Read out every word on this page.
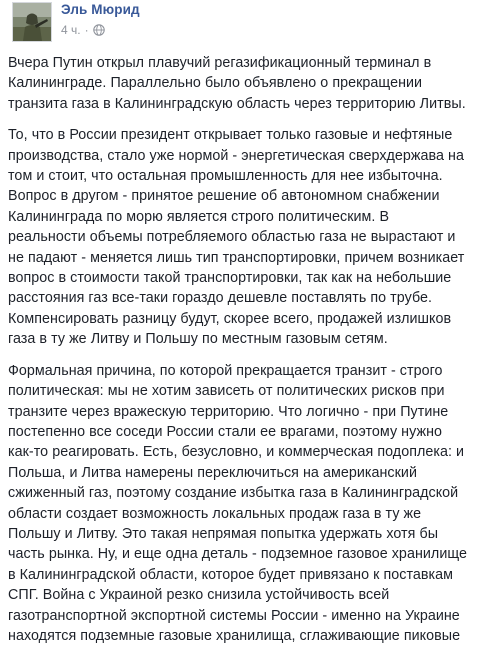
Эль Мюрид
4 ч. ·

Вчера Путин открыл плавучий регазификационный терминал в Калининграде. Параллельно было объявлено о прекращении транзита газа в Калининградскую область через территорию Литвы.

То, что в России президент открывает только газовые и нефтяные производства, стало уже нормой - энергетическая сверхдержава на том и стоит, что остальная промышленность для нее избыточна. Вопрос в другом - принятое решение об автономном снабжении Калининграда по морю является строго политическим. В реальности объемы потребляемого областью газа не вырастают и не падают - меняется лишь тип транспортировки, причем возникает вопрос в стоимости такой транспортировки, так как на небольшие расстояния газ все-таки гораздо дешевле поставлять по трубе. Компенсировать разницу будут, скорее всего, продажей излишков газа в ту же Литву и Польшу по местным газовым сетям.

Формальная причина, по которой прекращается транзит - строго политическая: мы не хотим зависеть от политических рисков при транзите через вражескую территорию. Что логично - при Путине постепенно все соседи России стали ее врагами, поэтому нужно как-то реагировать. Есть, безусловно, и коммерческая подоплека: и Польша, и Литва намерены переключиться на американский сжиженный газ, поэтому создание избытка газа в Калининградской области создает возможность локальных продаж газа в ту же Польшу и Литву. Это такая непрямая попытка удержать хотя бы часть рынка. Ну, и еще одна деталь - подземное газовое хранилище в Калининградской области, которое будет привязано к поставкам СПГ. Война с Украиной резко снизила устойчивость всей газотранспортной экспортной системы России - именно на Украине находятся подземные газовые хранилища, сглаживающие пиковые
